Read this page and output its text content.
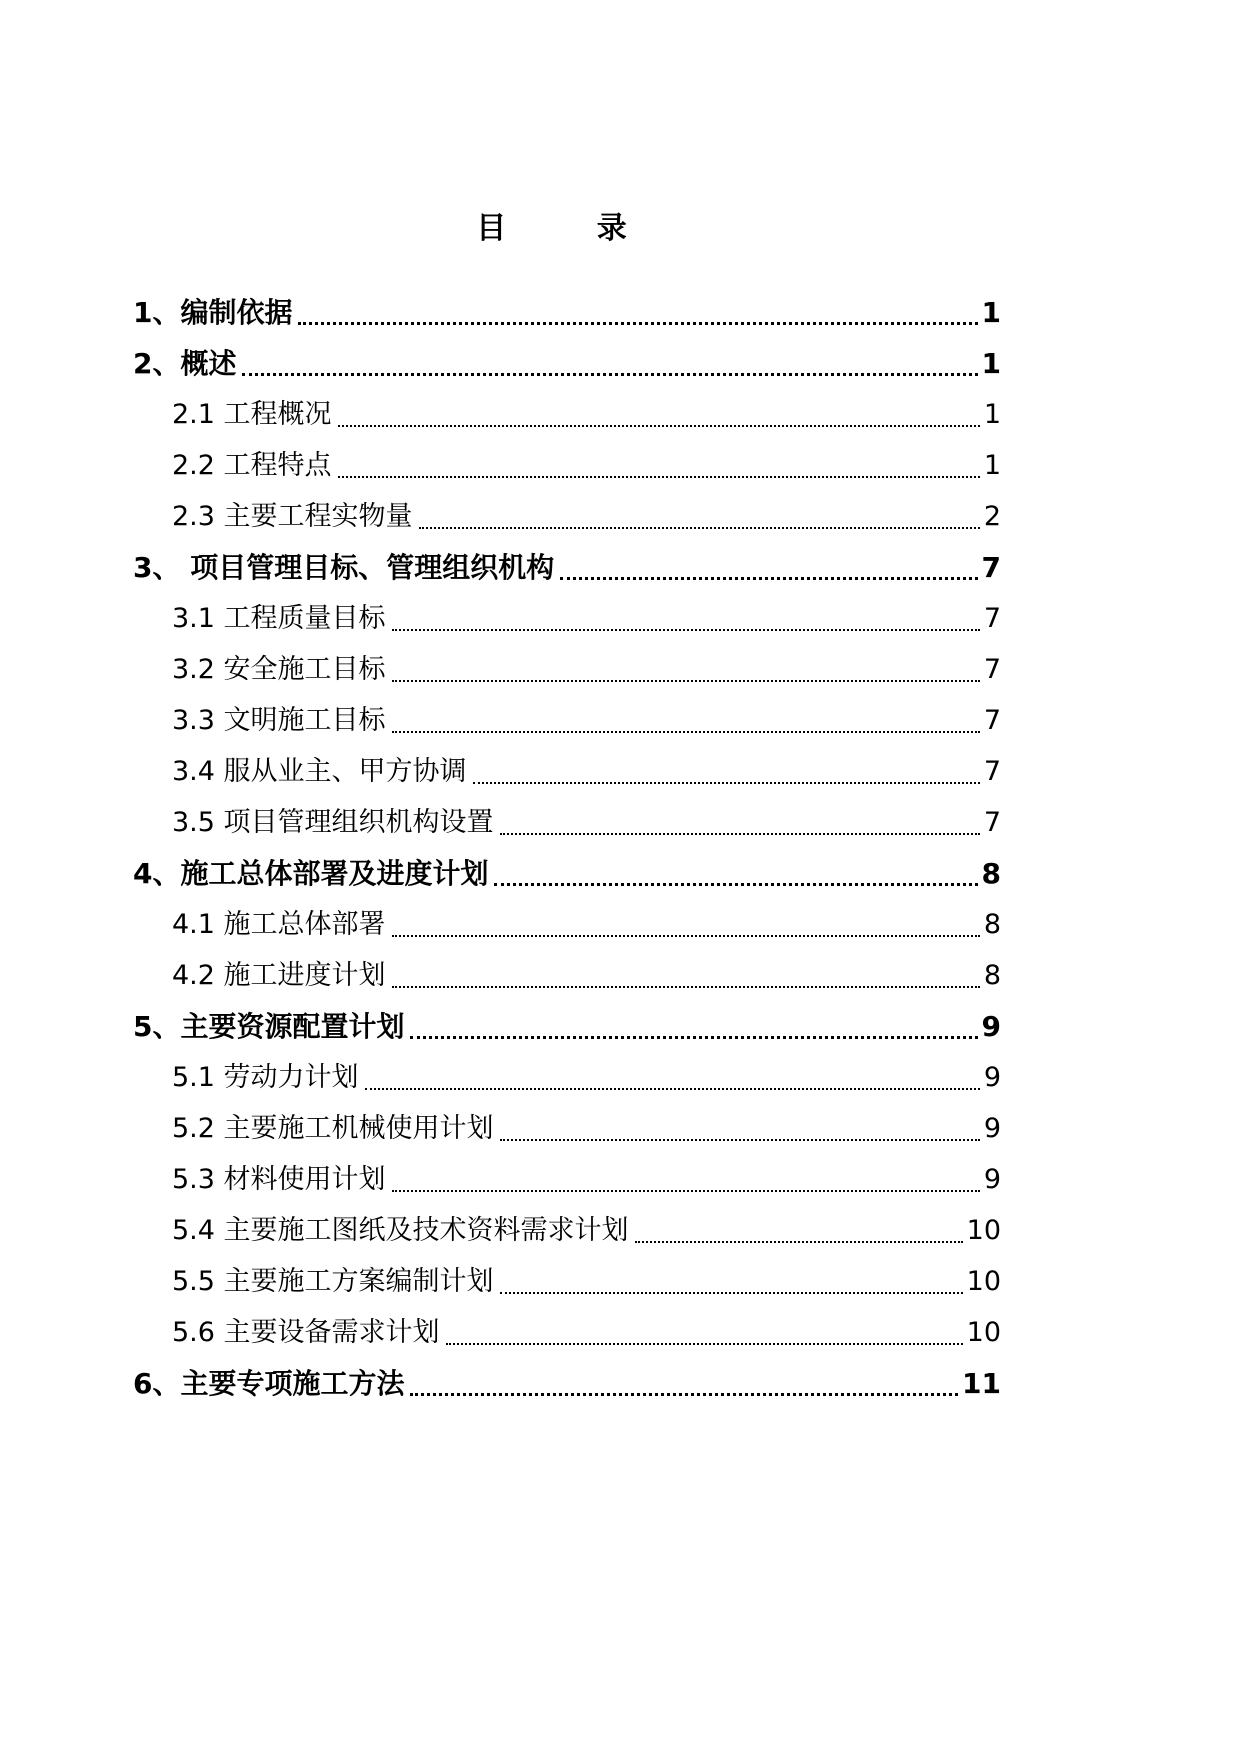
目 录
1、编制依据	1
2、概述	1
2.1 工程概况	1
2.2 工程特点	1
2.3 主要工程实物量	2
3、 项目管理目标、管理组织机构	7
3.1 工程质量目标	7
3.2 安全施工目标	7
3.3 文明施工目标	7
3.4 服从业主、甲方协调	7
3.5 项目管理组织机构设置	7
4、施工总体部署及进度计划	8
4.1 施工总体部署	8
4.2 施工进度计划	8
5、主要资源配置计划	9
5.1 劳动力计划	9
5.2 主要施工机械使用计划	9
5.3 材料使用计划	9
5.4 主要施工图纸及技术资料需求计划	10
5.5 主要施工方案编制计划	10
5.6 主要设备需求计划	10
6、主要专项施工方法	11
